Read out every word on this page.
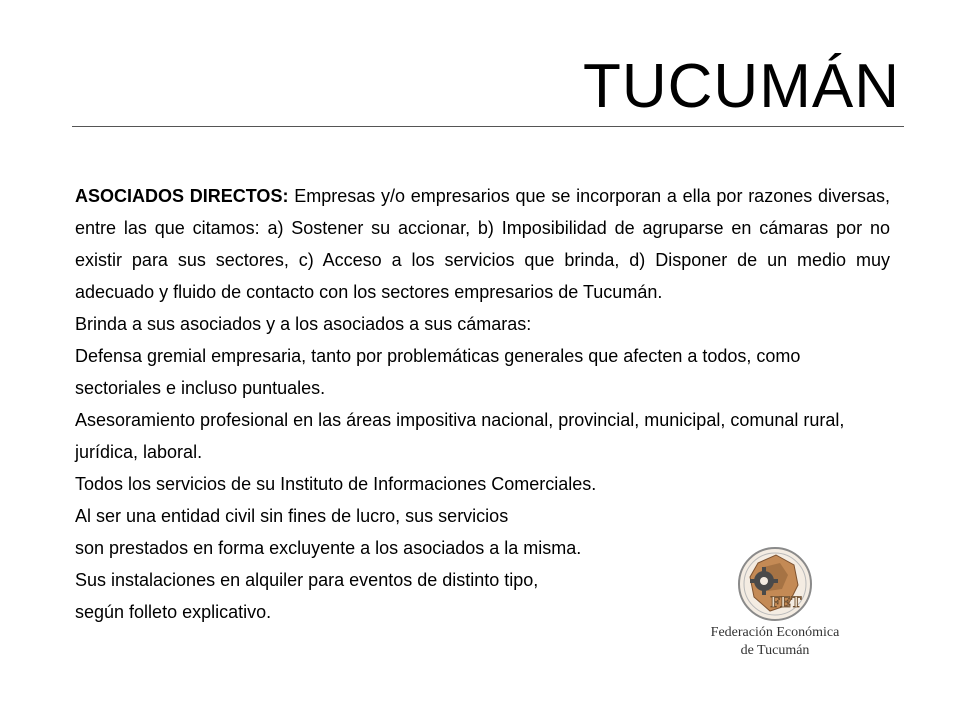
TUCUMÁN

ASOCIADOS DIRECTOS: Empresas y/o empresarios que se incorporan a ella por razones diversas, entre las que citamos: a) Sostener su accionar, b) Imposibilidad de agruparse en cámaras por no existir para sus sectores, c) Acceso a los servicios que brinda, d) Disponer de un medio muy adecuado y fluido de contacto con los sectores empresarios de Tucumán.

Brinda a sus asociados y a los asociados a sus cámaras:

Defensa gremial empresaria, tanto por problemáticas generales que afecten a todos, como sectoriales e incluso puntuales.

Asesoramiento profesional en las áreas impositiva nacional, provincial, municipal, comunal rural, jurídica, laboral.

Todos los servicios de su Instituto de Informaciones Comerciales.

Al ser una entidad civil sin fines de lucro, sus servicios

son prestados en forma excluyente a los asociados a la misma.

Sus instalaciones en alquiler para eventos de distinto tipo,

según folleto explicativo.	FET
Federación Económica
de Tucumán
